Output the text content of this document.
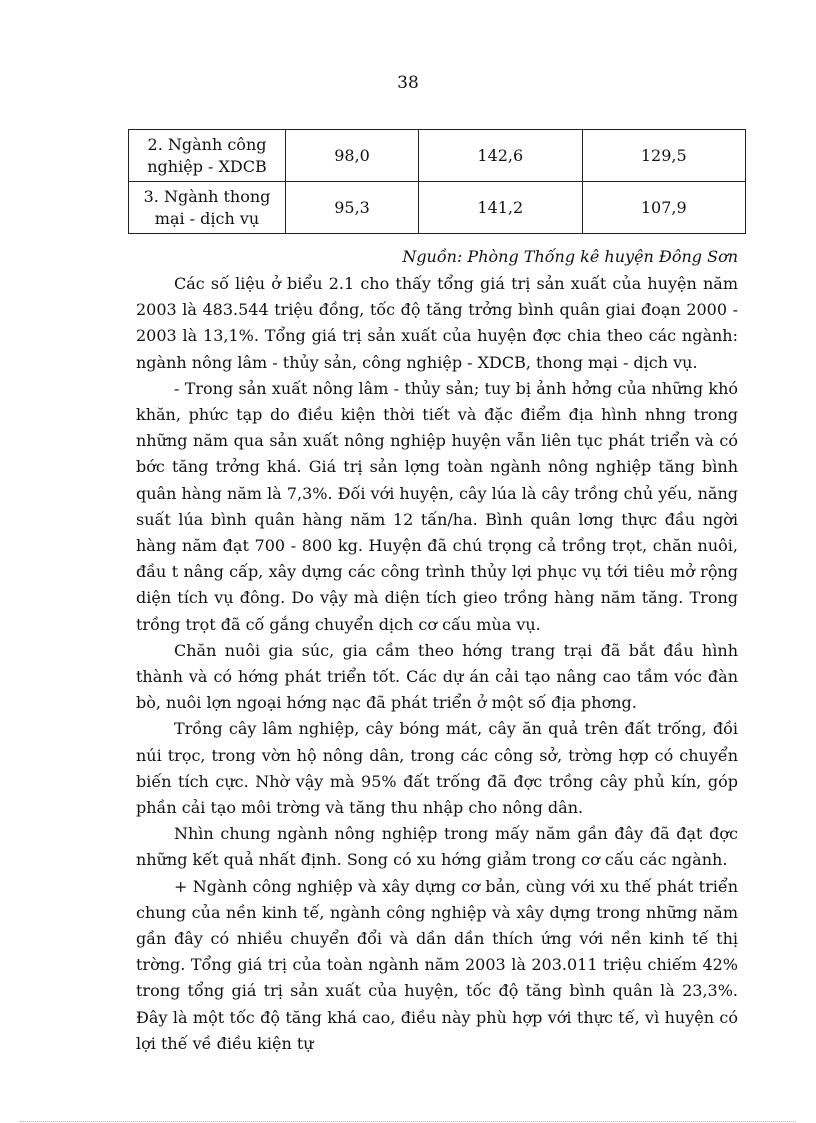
38
2. Ngành công nghiệp - XDCB	98,0	142,6	129,5
3. Ngành thong mại - dịch vụ	95,3	141,2	107,9
Nguồn: Phòng Thống kê huyện Đông Sơn

Các số liệu ở biểu 2.1 cho thấy tổng giá trị sản xuất của huyện năm 2003 là 483.544 triệu đồng, tốc độ tăng trởng bình quân giai đoạn 2000 - 2003 là 13,1%. Tổng giá trị sản xuất của huyện đợc chia theo các ngành: ngành nông lâm - thủy sản, công nghiệp - XDCB, thong mại - dịch vụ.

- Trong sản xuất nông lâm - thủy sản; tuy bị ảnh hởng của những khó khăn, phức tạp do điều kiện thời tiết và đặc điểm địa hình nhng trong những năm qua sản xuất nông nghiệp huyện vẫn liên tục phát triển và có bớc tăng trởng khá. Giá trị sản lợng toàn ngành nông nghiệp tăng bình quân hàng năm là 7,3%. Đối với huyện, cây lúa là cây trồng chủ yếu, năng suất lúa bình quân hàng năm 12 tấn/ha. Bình quân lơng thực đầu ngời hàng năm đạt 700 - 800 kg. Huyện đã chú trọng cả trồng trọt, chăn nuôi, đầu t nâng cấp, xây dựng các công trình thủy lợi phục vụ tới tiêu mở rộng diện tích vụ đông. Do vậy mà diện tích gieo trồng hàng năm tăng. Trong trồng trọt đã cố gắng chuyển dịch cơ cấu mùa vụ.

Chăn nuôi gia súc, gia cầm theo hớng trang trại đã bắt đầu hình thành và có hớng phát triển tốt. Các dự án cải tạo nâng cao tầm vóc đàn bò, nuôi lợn ngoại hớng nạc đã phát triển ở một số địa phơng.

Trồng cây lâm nghiệp, cây bóng mát, cây ăn quả trên đất trống, đồi núi trọc, trong vờn hộ nông dân, trong các công sở, trờng hợp có chuyển biến tích cực. Nhờ vậy mà 95% đất trống đã đợc trồng cây phủ kín, góp phần cải tạo môi trờng và tăng thu nhập cho nông dân.

Nhìn chung ngành nông nghiệp trong mấy năm gần đây đã đạt đợc những kết quả nhất định. Song có xu hớng giảm trong cơ cấu các ngành.

+ Ngành công nghiệp và xây dựng cơ bản, cùng với xu thế phát triển chung của nền kinh tế, ngành công nghiệp và xây dựng trong những năm gần đây có nhiều chuyển đổi và dần dần thích ứng với nền kinh tế thị trờng. Tổng giá trị của toàn ngành năm 2003 là 203.011 triệu chiếm 42% trong tổng giá trị sản xuất của huyện, tốc độ tăng bình quân là 23,3%. Đây là một tốc độ tăng khá cao, điều này phù hợp với thực tế, vì huyện có lợi thế về điều kiện tự
